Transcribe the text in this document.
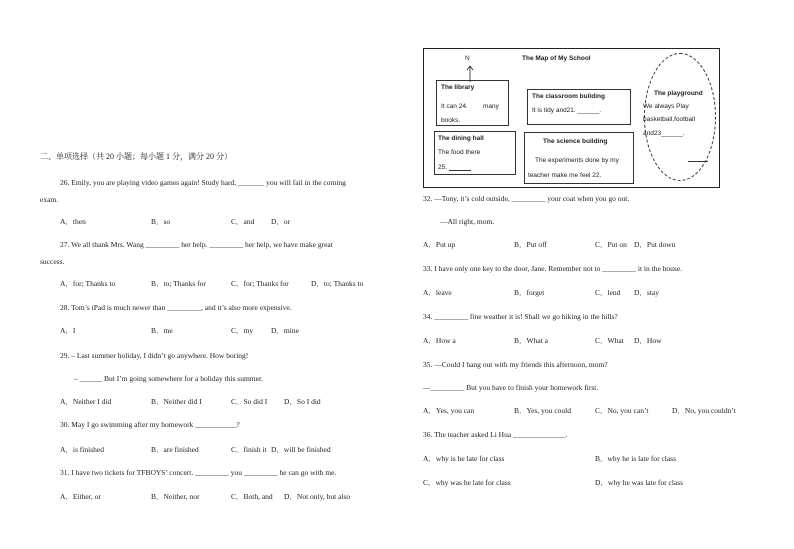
N	The Map of My School
The library
It can 24. many
books.
The classroom building
It is tidy and21. ______.
The dining hall
The food there
25.
The science building
The experiments done by my
teacher make me feel 22.
The playground
We always Play
basketball,football
and23______.
二、单项选择（共 20 小题；每小题 1 分，满分 20 分）
26. Emily, you are playing video games again! Study hard, _______ you will fail in the coming
exam.
A．then	B．so	C．and D．or
27. We all thank Mrs. Wang _________ her help. _________ her help, we have make great
success.
A．for; Thanks to	B．to; Thanks for	C．for; Thanks for	D．to; Thanks to
28. Tom’s iPad is much newer than _________, and it’s also more expensive.
A．I	B．me	C．my D．mine
29. – Last summer holiday, I didn’t go anywhere. How boring!
– ______ But I’m going somewhere for a holiday this summer.
A．Neither I did	B．Neither did I	C．So did I D．So I did
30. May I go swimming after my homework ___________?
A．is finished	B．are finished	C．finish it D．will be finished
31. I have two tickets for TFBOYS’ concert. _________ you _________ he can go with me.
A．Either, or	B．Neither, nor	C．Both, and D．Not only, but also
32. —Tony, it’s cold outside, _________ your coat when you go out.
—All right, mom.
A．Put up	B．Put off	C．Put on D．Put down
33. I have only one key to the door, Jane. Remember not to _________ it in the house.
A．leave	B．forget	C．lend D．stay
34. _________ fine weather it is! Shall we go hiking in the hills?
A．How a	B．What a	C．What D．How
35. —Could I hang out with my friends this afternoon, mom?
—_________ But you have to finish your homework first.
A．Yes, you can	B．Yes, you could	C．No, you can’t	D．No, you couldn’t
36. The teacher asked Li Hua ______________.
A．why is he late for class	B．why he is late for class
C．why was he late for class	D．why he was late for class
